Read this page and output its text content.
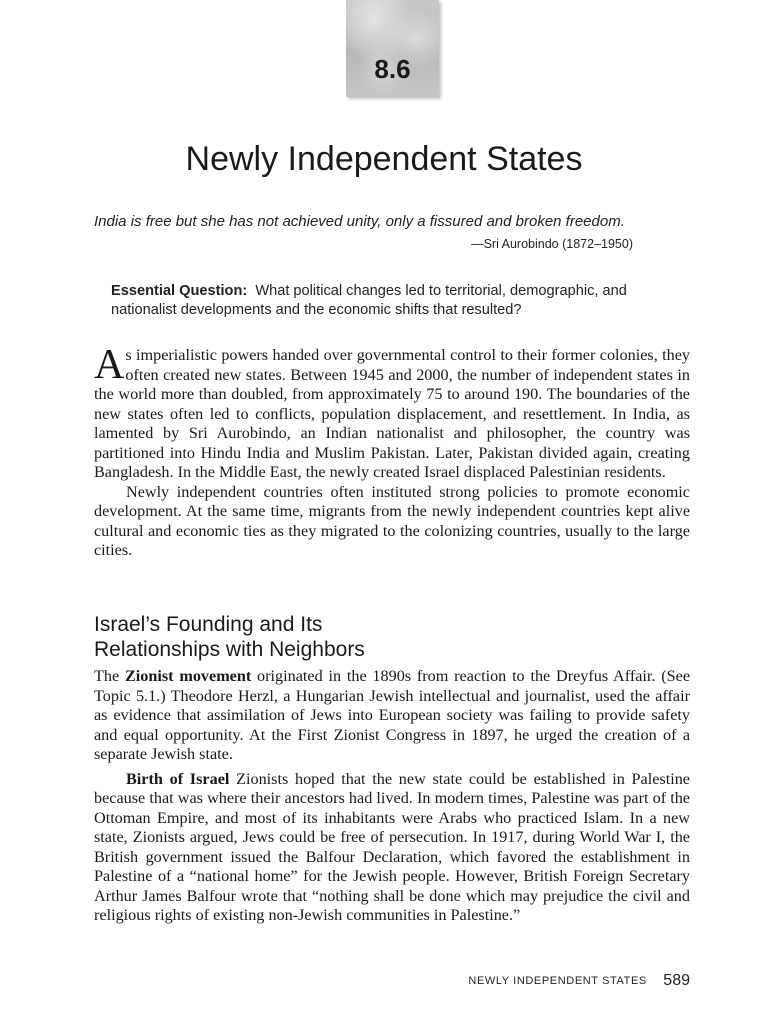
8.6
Newly Independent States
India is free but she has not achieved unity, only a fissured and broken freedom.
—Sri Aurobindo (1872–1950)
Essential Question: What political changes led to territorial, demographic, and nationalist developments and the economic shifts that resulted?

As imperialistic powers handed over governmental control to their former colonies, they often created new states. Between 1945 and 2000, the number of independent states in the world more than doubled, from approximately 75 to around 190. The boundaries of the new states often led to conflicts, population displacement, and resettlement. In India, as lamented by Sri Aurobindo, an Indian nationalist and philosopher, the country was partitioned into Hindu India and Muslim Pakistan. Later, Pakistan divided again, creating Bangladesh. In the Middle East, the newly created Israel displaced Palestinian residents.

Newly independent countries often instituted strong policies to promote economic development. At the same time, migrants from the newly independent countries kept alive cultural and economic ties as they migrated to the colonizing countries, usually to the large cities.

Israel’s Founding and Its
Relationships with Neighbors

The Zionist movement originated in the 1890s from reaction to the Dreyfus Affair. (See Topic 5.1.) Theodore Herzl, a Hungarian Jewish intellectual and journalist, used the affair as evidence that assimilation of Jews into European society was failing to provide safety and equal opportunity. At the First Zionist Congress in 1897, he urged the creation of a separate Jewish state.

Birth of Israel Zionists hoped that the new state could be established in Palestine because that was where their ancestors had lived. In modern times, Palestine was part of the Ottoman Empire, and most of its inhabitants were Arabs who practiced Islam. In a new state, Zionists argued, Jews could be free of persecution. In 1917, during World War I, the British government issued the Balfour Declaration, which favored the establishment in Palestine of a “national home” for the Jewish people. However, British Foreign Secretary Arthur James Balfour wrote that “nothing shall be done which may prejudice the civil and religious rights of existing non-Jewish communities in Palestine.”

NEWLY INDEPENDENT STATES 589
